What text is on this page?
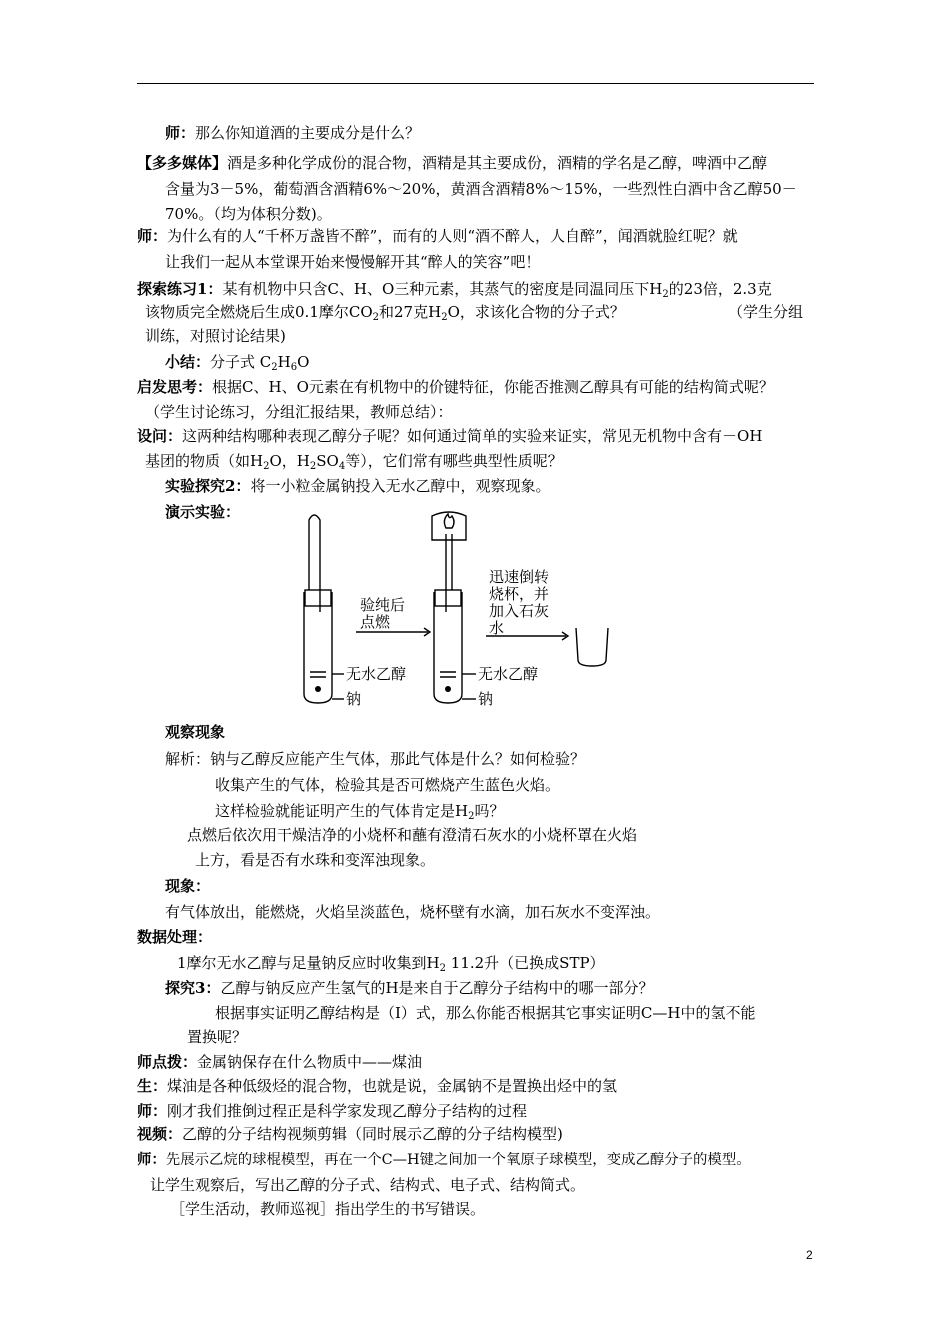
师：那么你知道酒的主要成分是什么？
【多多媒体】酒是多种化学成份的混合物，酒精是其主要成份，酒精的学名是乙醇，啤酒中乙醇
含量为3－5%，葡萄酒含酒精6%～20%，黄酒含酒精8%～15%，一些烈性白酒中含乙醇50－
70%。（均为体积分数)。
师：为什么有的人“千杯万盏皆不醉”，而有的人则“酒不醉人，人自醉”，闻酒就脸红呢？就
让我们一起从本堂课开始来慢慢解开其“醉人的笑容”吧！
探索练习1：某有机物中只含C、H、O三种元素，其蒸气的密度是同温同压下$H_2$的23倍，2.3克
该物质完全燃烧后生成0.1摩尔$CO_2$和27克$H_2O$，求该化合物的分子式？	（学生分组
训练，对照讨论结果)
小结：分子式 $C_2H_6O$
启发思考：根据C、H、O元素在有机物中的价键特征，你能否推测乙醇具有可能的结构简式呢？
（学生讨论练习，分组汇报结果，教师总结）：
设问：这两种结构哪种表现乙醇分子呢？如何通过简单的实验来证实，常见无机物中含有－OH
基团的物质（如$H_2O$，$H_2SO_4$等），它们常有哪些典型性质呢？
实验探究2：将一小粒金属钠投入无水乙醇中，观察现象。
演示实验：
验纯后
点燃
迅速倒转
烧杯，并
加入石灰
水
无水乙醇
钠
无水乙醇
钠
观察现象
解析：钠与乙醇反应能产生气体，那此气体是什么？如何检验？
收集产生的气体，检验其是否可燃烧产生蓝色火焰。
这样检验就能证明产生的气体肯定是$H_2$吗？
点燃后依次用干燥洁净的小烧杯和蘸有澄清石灰水的小烧杯罩在火焰
上方，看是否有水珠和变浑浊现象。
现象：
有气体放出，能燃烧，火焰呈淡蓝色，烧杯壁有水滴，加石灰水不变浑浊。
数据处理：
1摩尔无水乙醇与足量钠反应时收集到$H_2$ 11.2升（已换成STP）
探究3：乙醇与钠反应产生氢气的H是来自于乙醇分子结构中的哪一部分？
根据事实证明乙醇结构是（Ⅰ）式，那么你能否根据其它事实证明C—H中的氢不能
置换呢？
师点拨：金属钠保存在什么物质中——煤油
生：煤油是各种低级烃的混合物，也就是说，金属钠不是置换出烃中的氢
师：刚才我们推倒过程正是科学家发现乙醇分子结构的过程
视频：乙醇的分子结构视频剪辑（同时展示乙醇的分子结构模型)
师：先展示乙烷的球棍模型，再在一个C—H键之间加一个氧原子球模型，变成乙醇分子的模型。
让学生观察后，写出乙醇的分子式、结构式、电子式、结构简式。
［学生活动，教师巡视］指出学生的书写错误。
2
